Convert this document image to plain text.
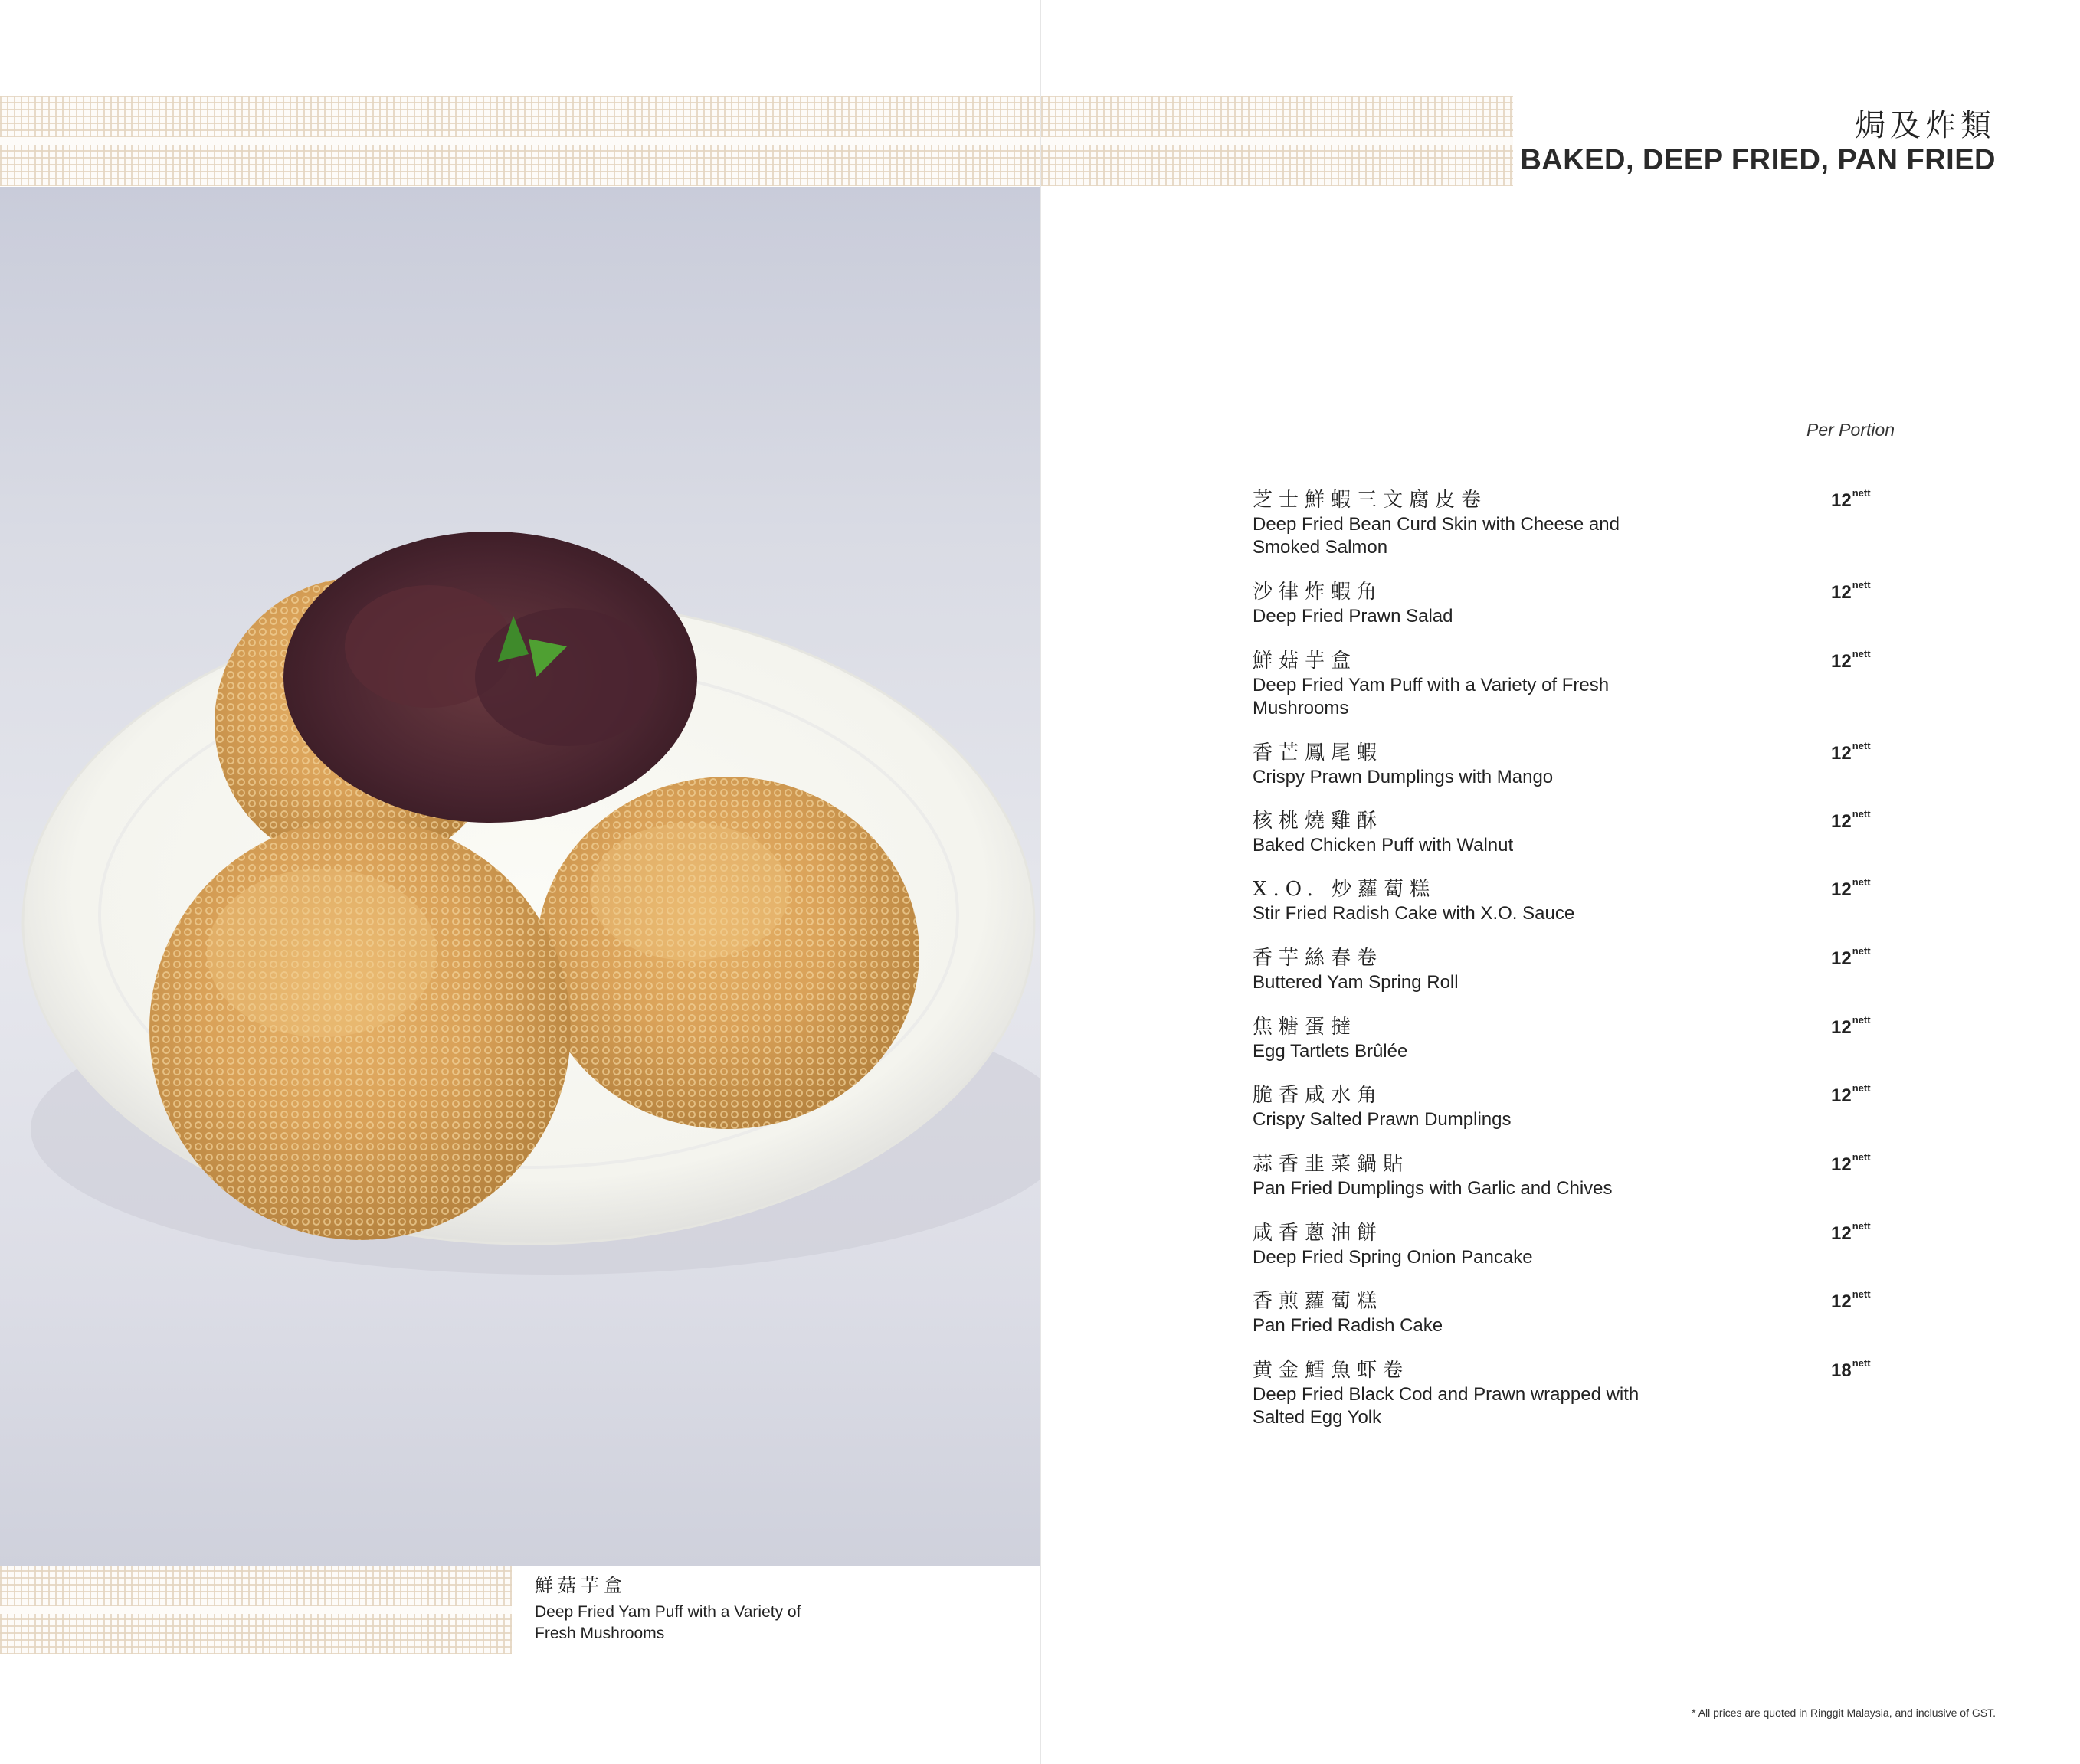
鮮菇芋盒
Deep Fried Yam Puff with a Variety of Fresh Mushrooms
焗及炸類
BAKED, DEEP FRIED, PAN FRIED
Per Portion
芝士鮮蝦三文腐皮卷
Deep Fried Bean Curd Skin with Cheese and Smoked Salmon
$12^{nett}$
沙律炸蝦角
Deep Fried Prawn Salad
$12^{nett}$
鮮菇芋盒
Deep Fried Yam Puff with a Variety of Fresh Mushrooms
$12^{nett}$
香芒鳳尾蝦
Crispy Prawn Dumplings with Mango
$12^{nett}$
核桃燒雞酥
Baked Chicken Puff with Walnut
$12^{nett}$
X.O. 炒蘿蔔糕
Stir Fried Radish Cake with X.O. Sauce
$12^{nett}$
香芋絲春卷
Buttered Yam Spring Roll
$12^{nett}$
焦糖蛋撻
Egg Tartlets Brûlée
$12^{nett}$
脆香咸水角
Crispy Salted Prawn Dumplings
$12^{nett}$
蒜香韭菜鍋貼
Pan Fried Dumplings with Garlic and Chives
$12^{nett}$
咸香蔥油餅
Deep Fried Spring Onion Pancake
$12^{nett}$
香煎蘿蔔糕
Pan Fried Radish Cake
$12^{nett}$
黄金鱈魚虾卷
Deep Fried Black Cod and Prawn wrapped with Salted Egg Yolk
$18^{nett}$
* All prices are quoted in Ringgit Malaysia, and inclusive of GST.
